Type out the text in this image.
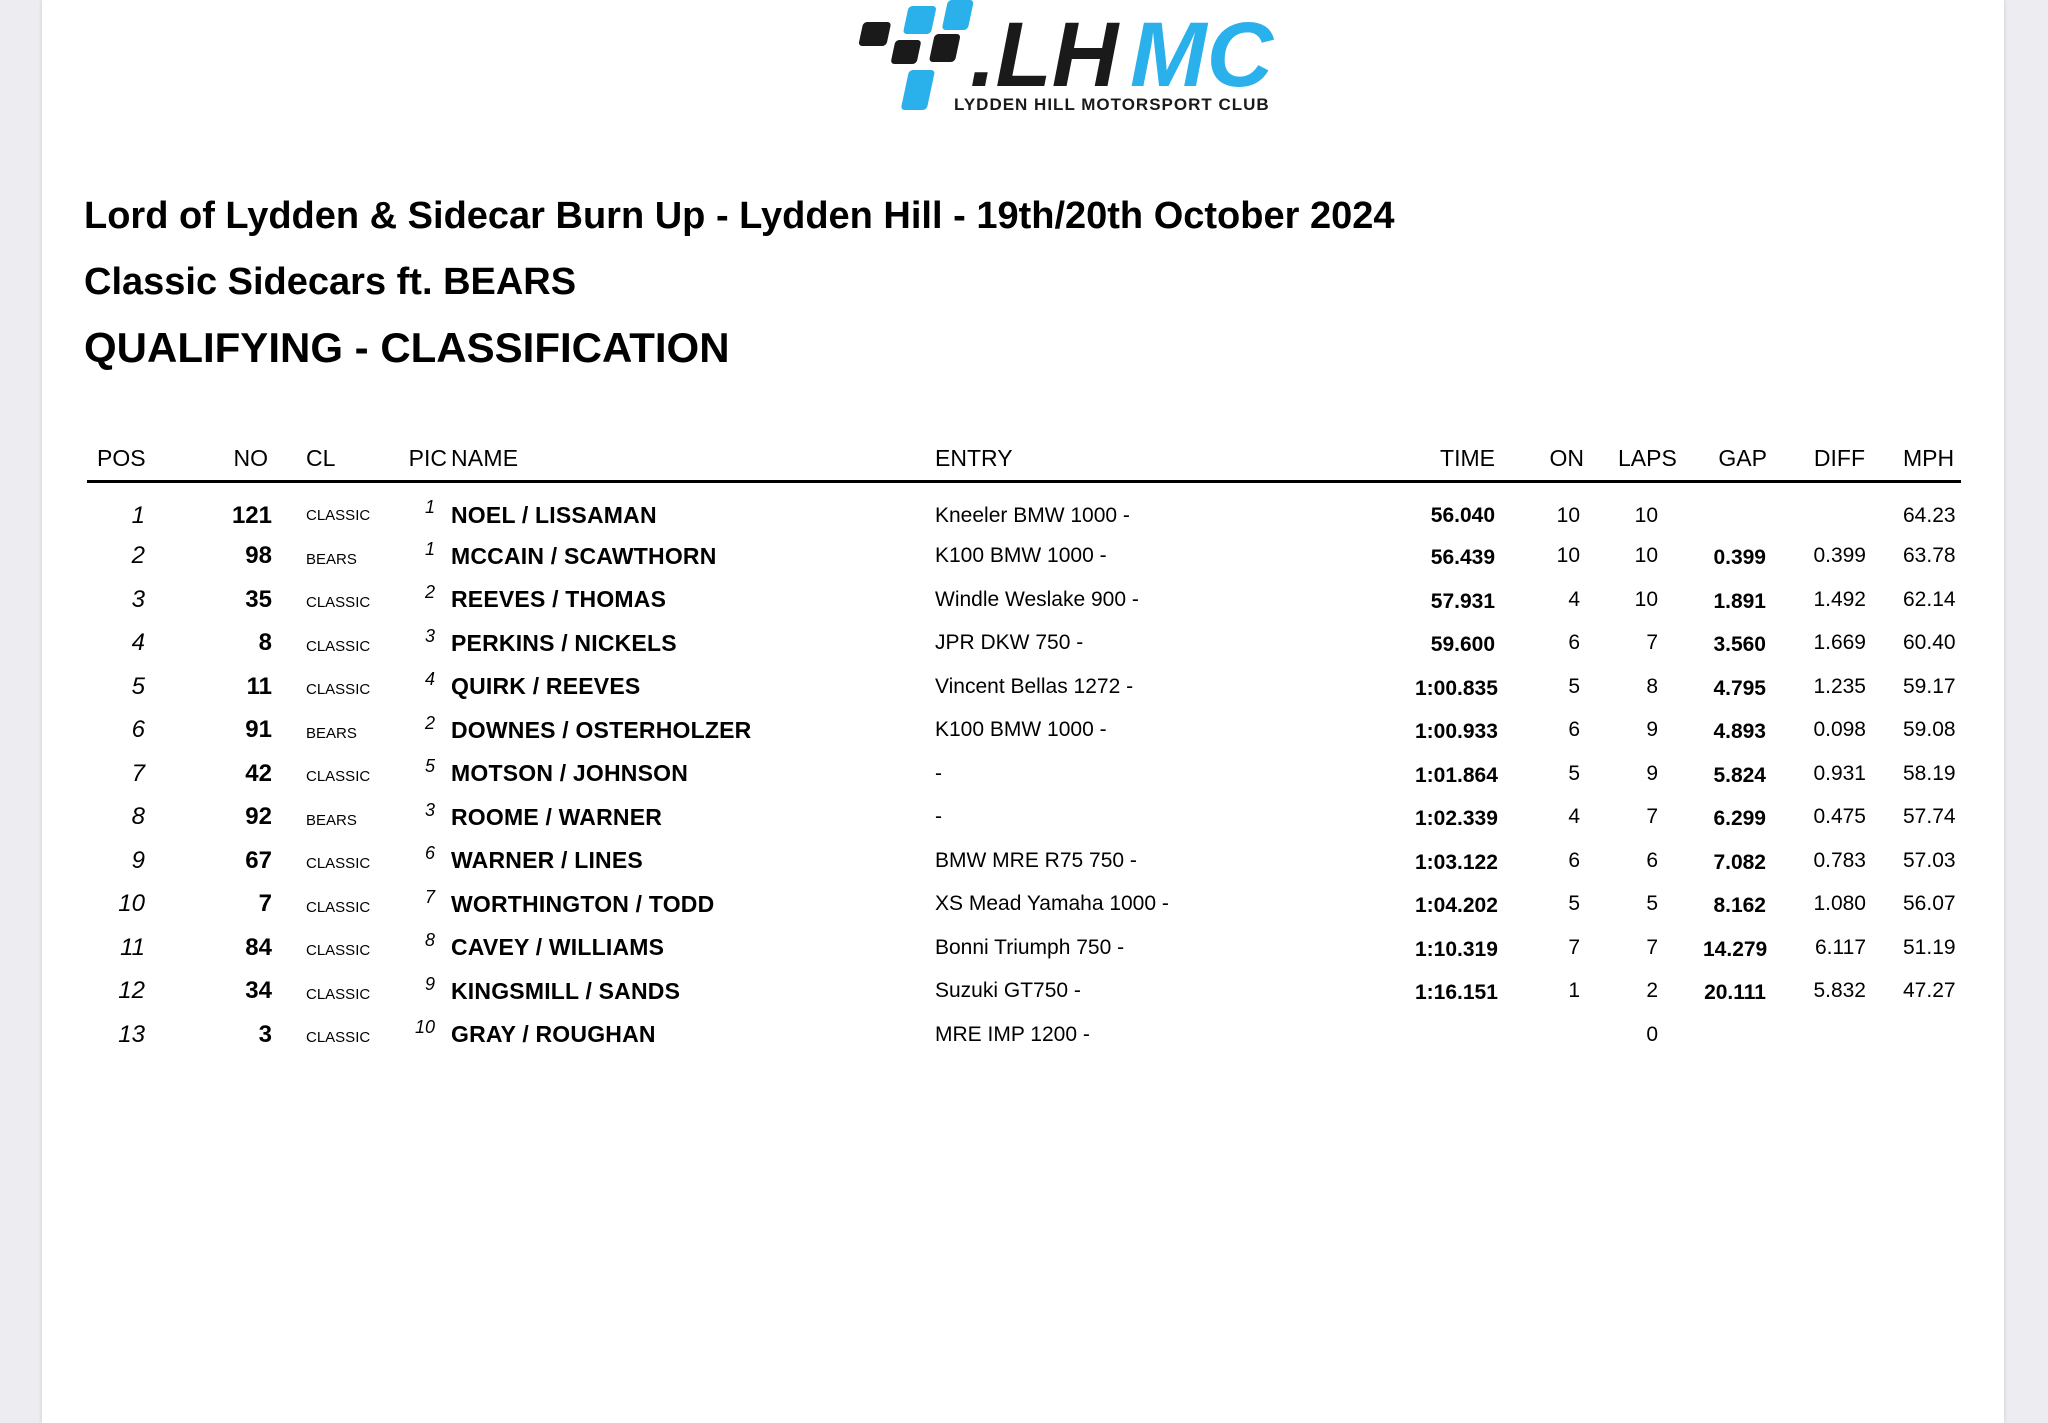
.LH MC
LYDDEN HILL MOTORSPORT CLUB
Lord of Lydden & Sidecar Burn Up - Lydden Hill - 19th/20th October 2024
Classic Sidecars ft. BEARS
QUALIFYING - CLASSIFICATION
POS	NO	CL	PIC	NAME	ENTRY	TIME	ON	LAPS	GAP	DIFF	MPH
1	121	CLASSIC	1	NOEL / LISSAMAN	Kneeler BMW 1000 -	56.040	10	10			64.23
2	98	BEARS	1	MCCAIN / SCAWTHORN	K100 BMW 1000 -	56.439	10	10	0.399	0.399	63.78
3	35	CLASSIC	2	REEVES / THOMAS	Windle Weslake 900 -	57.931	4	10	1.891	1.492	62.14
4	8	CLASSIC	3	PERKINS / NICKELS	JPR DKW 750 -	59.600	6	7	3.560	1.669	60.40
5	11	CLASSIC	4	QUIRK / REEVES	Vincent Bellas 1272 -	1:00.835	5	8	4.795	1.235	59.17
6	91	BEARS	2	DOWNES / OSTERHOLZER	K100 BMW 1000 -	1:00.933	6	9	4.893	0.098	59.08
7	42	CLASSIC	5	MOTSON / JOHNSON	-	1:01.864	5	9	5.824	0.931	58.19
8	92	BEARS	3	ROOME / WARNER	-	1:02.339	4	7	6.299	0.475	57.74
9	67	CLASSIC	6	WARNER / LINES	BMW MRE R75 750 -	1:03.122	6	6	7.082	0.783	57.03
10	7	CLASSIC	7	WORTHINGTON / TODD	XS Mead Yamaha 1000 -	1:04.202	5	5	8.162	1.080	56.07
11	84	CLASSIC	8	CAVEY / WILLIAMS	Bonni Triumph 750 -	1:10.319	7	7	14.279	6.117	51.19
12	34	CLASSIC	9	KINGSMILL / SANDS	Suzuki GT750 -	1:16.151	1	2	20.111	5.832	47.27
13	3	CLASSIC	10	GRAY / ROUGHAN	MRE IMP 1200 -			0			
